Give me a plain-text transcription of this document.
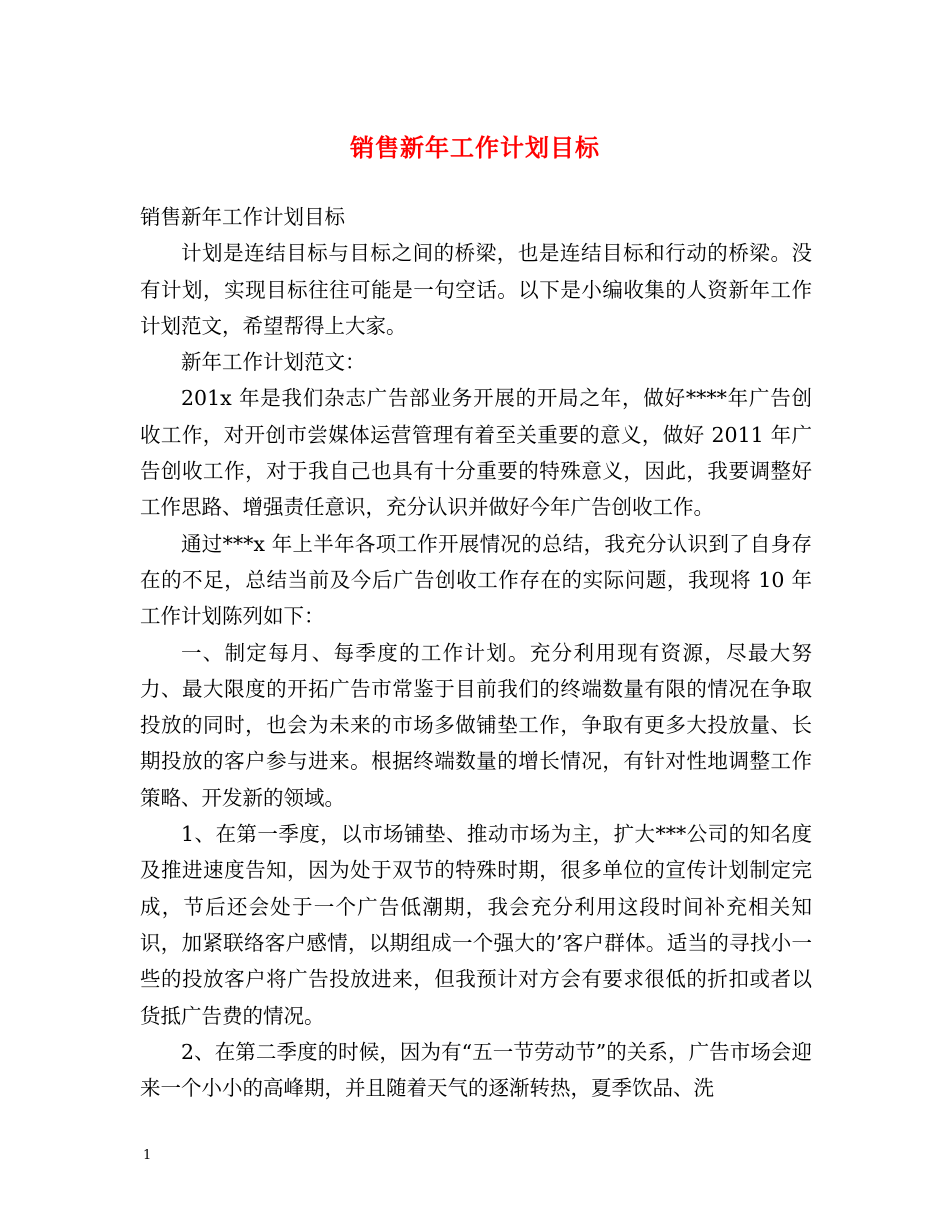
销售新年工作计划目标

销售新年工作计划目标

计划是连结目标与目标之间的桥梁，也是连结目标和行动的桥梁。没有计划，实现目标往往可能是一句空话。以下是小编收集的人资新年工作计划范文，希望帮得上大家。

新年工作计划范文：

201x 年是我们杂志广告部业务开展的开局之年，做好****年广告创收工作，对开创市尝媒体运营管理有着至关重要的意义，做好 2011 年广告创收工作，对于我自己也具有十分重要的特殊意义，因此，我要调整好工作思路、增强责任意识，充分认识并做好今年广告创收工作。

通过***x 年上半年各项工作开展情况的总结，我充分认识到了自身存在的不足，总结当前及今后广告创收工作存在的实际问题，我现将 10 年工作计划陈列如下：

一、制定每月、每季度的工作计划。充分利用现有资源，尽最大努力、最大限度的开拓广告市常鉴于目前我们的终端数量有限的情况在争取投放的同时，也会为未来的市场多做铺垫工作，争取有更多大投放量、长期投放的客户参与进来。根据终端数量的增长情况，有针对性地调整工作策略、开发新的领域。

1、在第一季度，以市场铺垫、推动市场为主，扩大***公司的知名度及推进速度告知，因为处于双节的特殊时期，很多单位的宣传计划制定完成，节后还会处于一个广告低潮期，我会充分利用这段时间补充相关知识，加紧联络客户感情，以期组成一个强大的’客户群体。适当的寻找小一些的投放客户将广告投放进来，但我预计对方会有要求很低的折扣或者以货抵广告费的情况。

2、在第二季度的时候，因为有“五一节劳动节”的关系，广告市场会迎来一个小小的高峰期，并且随着天气的逐渐转热，夏季饮品、洗

1
